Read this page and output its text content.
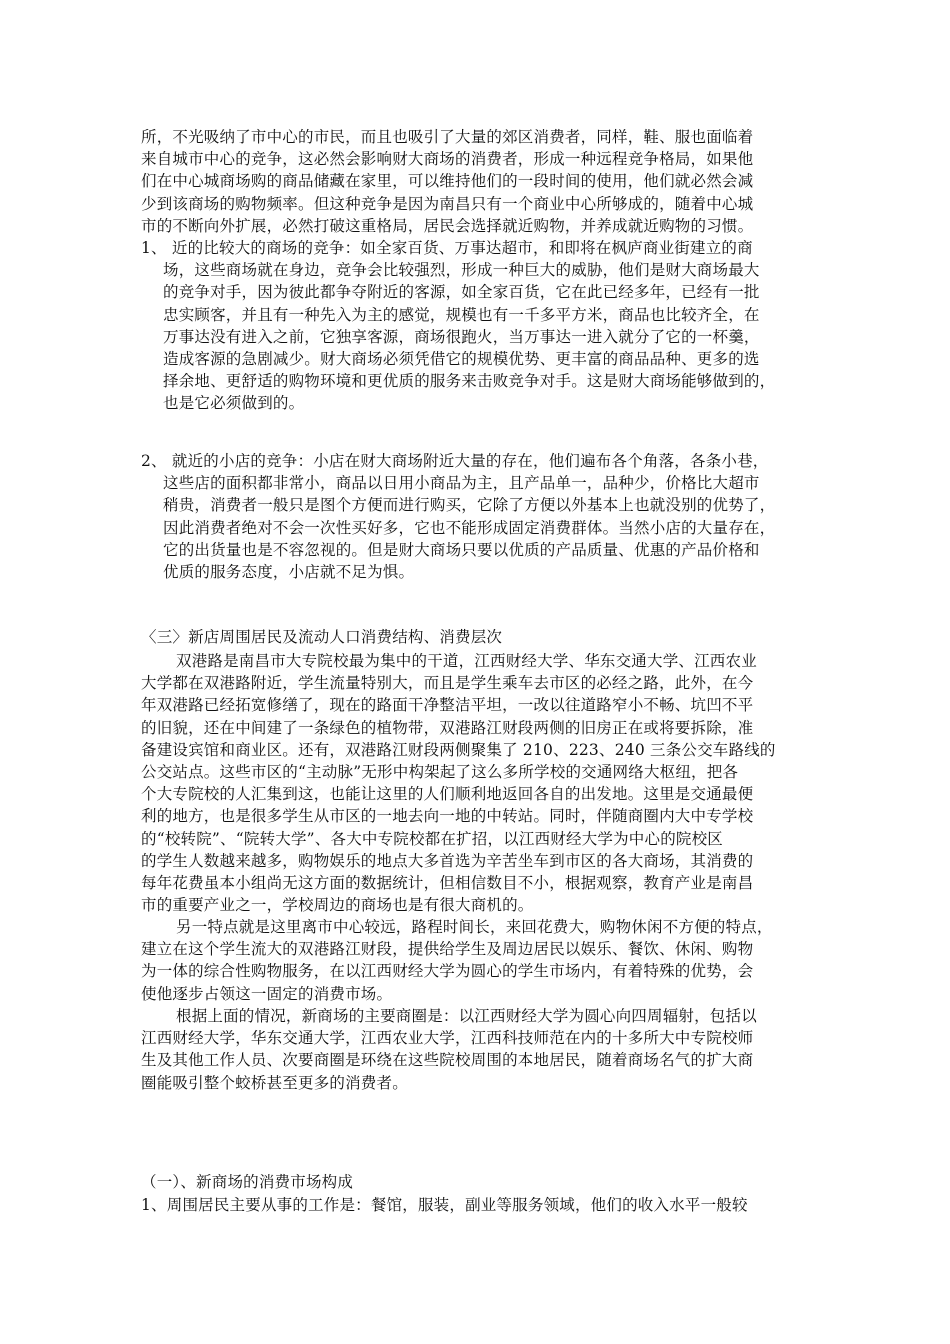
所，不光吸纳了市中心的市民，而且也吸引了大量的郊区消费者，同样，鞋、服也面临着
来自城市中心的竞争，这必然会影响财大商场的消费者，形成一种远程竞争格局，如果他
们在中心城商场购的商品储藏在家里，可以维持他们的一段时间的使用，他们就必然会减
少到该商场的购物频率。但这种竞争是因为南昌只有一个商业中心所够成的，随着中心城
市的不断向外扩展，必然打破这重格局，居民会选择就近购物，并养成就近购物的习惯。
1、 近的比较大的商场的竞争：如全家百货、万事达超市，和即将在枫庐商业街建立的商
场，这些商场就在身边，竞争会比较强烈，形成一种巨大的威胁，他们是财大商场最大
的竞争对手，因为彼此都争夺附近的客源，如全家百货，它在此已经多年，已经有一批
忠实顾客，并且有一种先入为主的感觉，规模也有一千多平方米，商品也比较齐全，在
万事达没有进入之前，它独享客源，商场很跑火，当万事达一进入就分了它的一杯羹，
造成客源的急剧减少。财大商场必须凭借它的规模优势、更丰富的商品品种、更多的选
择余地、更舒适的购物环境和更优质的服务来击败竞争对手。这是财大商场能够做到的，
也是它必须做到的。
2、 就近的小店的竞争：小店在财大商场附近大量的存在，他们遍布各个角落，各条小巷，
这些店的面积都非常小，商品以日用小商品为主，且产品单一，品种少，价格比大超市
稍贵，消费者一般只是图个方便而进行购买，它除了方便以外基本上也就没别的优势了，
因此消费者绝对不会一次性买好多，它也不能形成固定消费群体。当然小店的大量存在，
它的出货量也是不容忽视的。但是财大商场只要以优质的产品质量、优惠的产品价格和
优质的服务态度，小店就不足为惧。
〈三〉新店周围居民及流动人口消费结构、消费层次
双港路是南昌市大专院校最为集中的干道，江西财经大学、华东交通大学、江西农业
大学都在双港路附近，学生流量特别大，而且是学生乘车去市区的必经之路，此外，在今
年双港路已经拓宽修缮了，现在的路面干净整洁平坦，一改以往道路窄小不畅、坑凹不平
的旧貌，还在中间建了一条绿色的植物带，双港路江财段两侧的旧房正在或将要拆除，准
备建设宾馆和商业区。还有，双港路江财段两侧聚集了 210、223、240 三条公交车路线的
公交站点。这些市区的“主动脉”无形中构架起了这么多所学校的交通网络大枢纽，把各
个大专院校的人汇集到这，也能让这里的人们顺利地返回各自的出发地。这里是交通最便
利的地方，也是很多学生从市区的一地去向一地的中转站。同时，伴随商圈内大中专学校
的“校转院”、“院转大学”、各大中专院校都在扩招，以江西财经大学为中心的院校区
的学生人数越来越多，购物娱乐的地点大多首选为辛苦坐车到市区的各大商场，其消费的
每年花费虽本小组尚无这方面的数据统计，但相信数目不小，根据观察，教育产业是南昌
市的重要产业之一，学校周边的商场也是有很大商机的。
另一特点就是这里离市中心较远，路程时间长，来回花费大，购物休闲不方便的特点，
建立在这个学生流大的双港路江财段，提供给学生及周边居民以娱乐、餐饮、休闲、购物
为一体的综合性购物服务，在以江西财经大学为圆心的学生市场内，有着特殊的优势，会
使他逐步占领这一固定的消费市场。
根据上面的情况，新商场的主要商圈是：以江西财经大学为圆心向四周辐射，包括以
江西财经大学，华东交通大学，江西农业大学，江西科技师范在内的十多所大中专院校师
生及其他工作人员、次要商圈是环绕在这些院校周围的本地居民，随着商场名气的扩大商
圈能吸引整个蛟桥甚至更多的消费者。
（一）、新商场的消费市场构成
1、周围居民主要从事的工作是：餐馆，服装，副业等服务领域，他们的收入水平一般较
